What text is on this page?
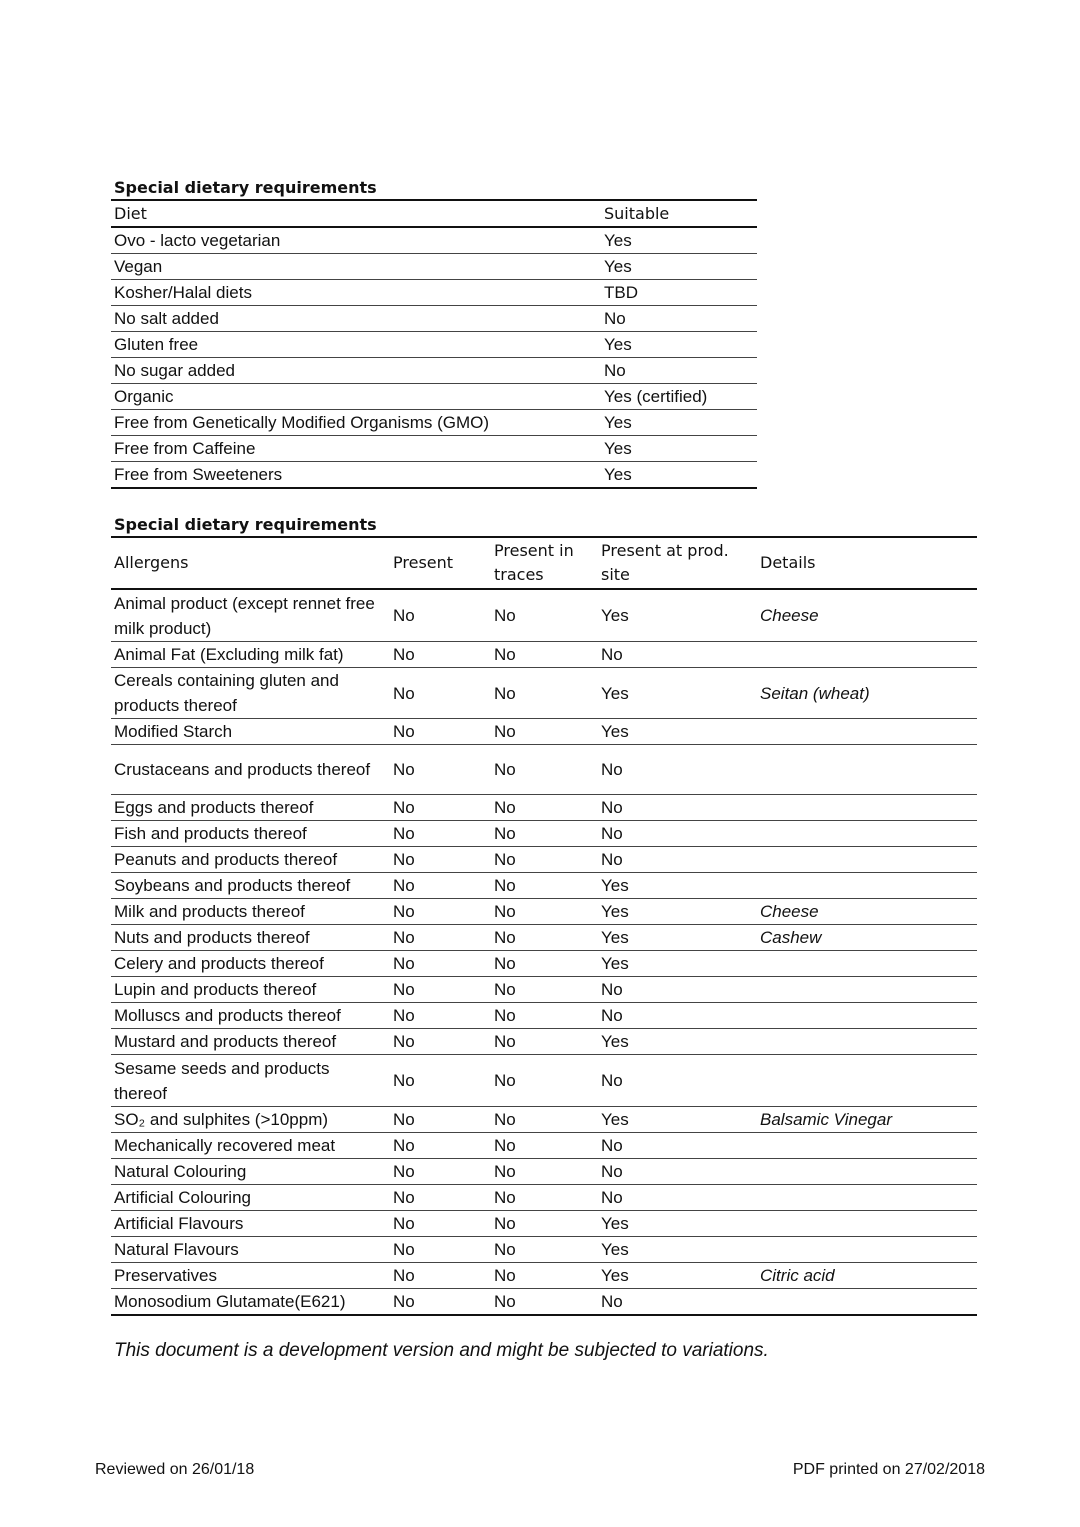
Special dietary requirements
Diet	Suitable
Ovo - lacto vegetarian	Yes
Vegan	Yes
Kosher/Halal diets	TBD
No salt added	No
Gluten free	Yes
No sugar added	No
Organic	Yes (certified)
Free from Genetically Modified Organisms (GMO)	Yes
Free from Caffeine	Yes
Free from Sweeteners	Yes
Special dietary requirements
Allergens	Present	Present in traces	Present at prod. site	Details
Animal product (except rennet free milk product)	No	No	Yes	Cheese
Animal Fat (Excluding milk fat)	No	No	No	
Cereals containing gluten and products thereof	No	No	Yes	Seitan (wheat)
Modified Starch	No	No	Yes	
Crustaceans and products thereof	No	No	No	
Eggs and products thereof	No	No	No	
Fish and products thereof	No	No	No	
Peanuts and products thereof	No	No	No	
Soybeans and products thereof	No	No	Yes	
Milk and products thereof	No	No	Yes	Cheese
Nuts and products thereof	No	No	Yes	Cashew
Celery and products thereof	No	No	Yes	
Lupin and products thereof	No	No	No	
Molluscs and products thereof	No	No	No	
Mustard and products thereof	No	No	Yes	
Sesame seeds and products thereof	No	No	No	
SO₂ and sulphites (>10ppm)	No	No	Yes	Balsamic Vinegar
Mechanically recovered meat	No	No	No	
Natural Colouring	No	No	No	
Artificial Colouring	No	No	No	
Artificial Flavours	No	No	Yes	
Natural Flavours	No	No	Yes	
Preservatives	No	No	Yes	Citric acid
Monosodium Glutamate(E621)	No	No	No	
This document is a development version and might be subjected to variations.
Reviewed on 26/01/18	PDF printed on 27/02/2018
